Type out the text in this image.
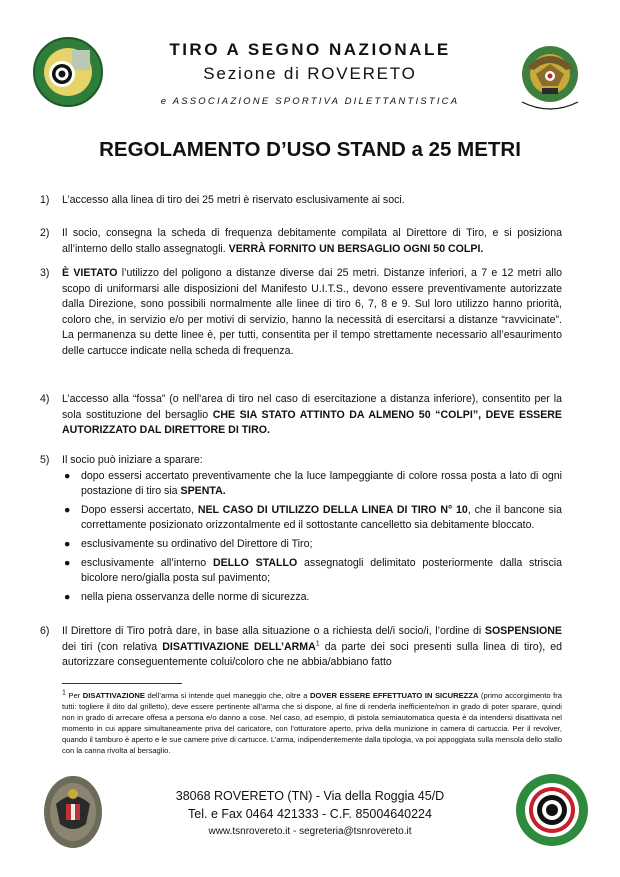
TIRO A SEGNO NAZIONALE
Sezione di ROVERETO
e ASSOCIAZIONE SPORTIVA DILETTANTISTICA
REGOLAMENTO D’USO STAND a 25 METRI
1) L’accesso alla linea di tiro dei 25 metri è riservato esclusivamente ai soci.
2) Il socio, consegna la scheda di frequenza debitamente compilata al Direttore di Tiro, e si posiziona all’interno dello stallo assegnatogli. VERRÀ FORNITO UN BERSAGLIO OGNI 50 COLPI.
3) È VIETATO l’utilizzo del poligono a distanze diverse dai 25 metri. Distanze inferiori, a 7 e 12 metri allo scopo di uniformarsi alle disposizioni del Manifesto U.I.T.S., devono essere preventivamente autorizzate dalla Direzione, sono possibili normalmente alle linee di tiro 6, 7, 8 e 9. Sul loro utilizzo hanno priorità, coloro che, in servizio e/o per motivi di servizio, hanno la necessità di esercitarsi a distanze “ravvicinate”. La permanenza su dette linee è, per tutti, consentita per il tempo strettamente necessario all’esaurimento delle cartucce indicate nella scheda di frequenza.
4) L’accesso alla “fossa” (o nell’area di tiro nel caso di esercitazione a distanza inferiore), consentito per la sola sostituzione del bersaglio CHE SIA STATO ATTINTO DA ALMENO 50 “COLPI”, DEVE ESSERE AUTORIZZATO DAL DIRETTORE DI TIRO.
5) Il socio può iniziare a sparare:
● dopo essersi accertato preventivamente che la luce lampeggiante di colore rossa posta a lato di ogni postazione di tiro sia SPENTA.
● Dopo essersi accertato, NEL CASO DI UTILIZZO DELLA LINEA DI TIRO N° 10, che il bancone sia correttamente posizionato orizzontalmente ed il sottostante cancelletto sia debitamente bloccato.
● esclusivamente su ordinativo del Direttore di Tiro;
● esclusivamente all’interno DELLO STALLO assegnatogli delimitato posteriormente dalla striscia bicolore nero/gialla posta sul pavimento;
● nella piena osservanza delle norme di sicurezza.
6) Il Direttore di Tiro potrà dare, in base alla situazione o a richiesta del/i socio/i, l’ordine di SOSPENSIONE dei tiri (con relativa DISATTIVAZIONE DELL’ARMA$^1$ da parte dei soci presenti sulla linea di tiro), ed autorizzare conseguentemente colui/coloro che ne abbia/abbiano fatto
$^1$ Per DISATTIVAZIONE dell’arma si intende quel maneggio che, oltre a DOVER ESSERE EFFETTUATO IN SICUREZZA (primo accorgimento fra tutti: togliere il dito dal grilletto), deve essere pertinente all’arma che si dispone, al fine di renderla inefficiente/non in grado di poter sparare, quindi non in grado di arrecare offesa a persona e/o danno a cose. Nel caso, ad esempio, di pistola semiautomatica questa è da intendersi disattivata nel momento in cui appare simultaneamente priva del caricatore, con l’otturatore aperto, priva della munizione in camera di cartuccia. Per il revolver, quando il tamburo è aperto e le sue camere prive di cartucce. L’arma, indipendentemente dalla tipologia, va poi appoggiata sulla mensola dello stallo con la canna rivolta al bersaglio.
38068 ROVERETO (TN) - Via della Roggia 45/D
Tel. e Fax 0464 421333 - C.F. 85004640224
www.tsnrovereto.it - segreteria@tsnrovereto.it
